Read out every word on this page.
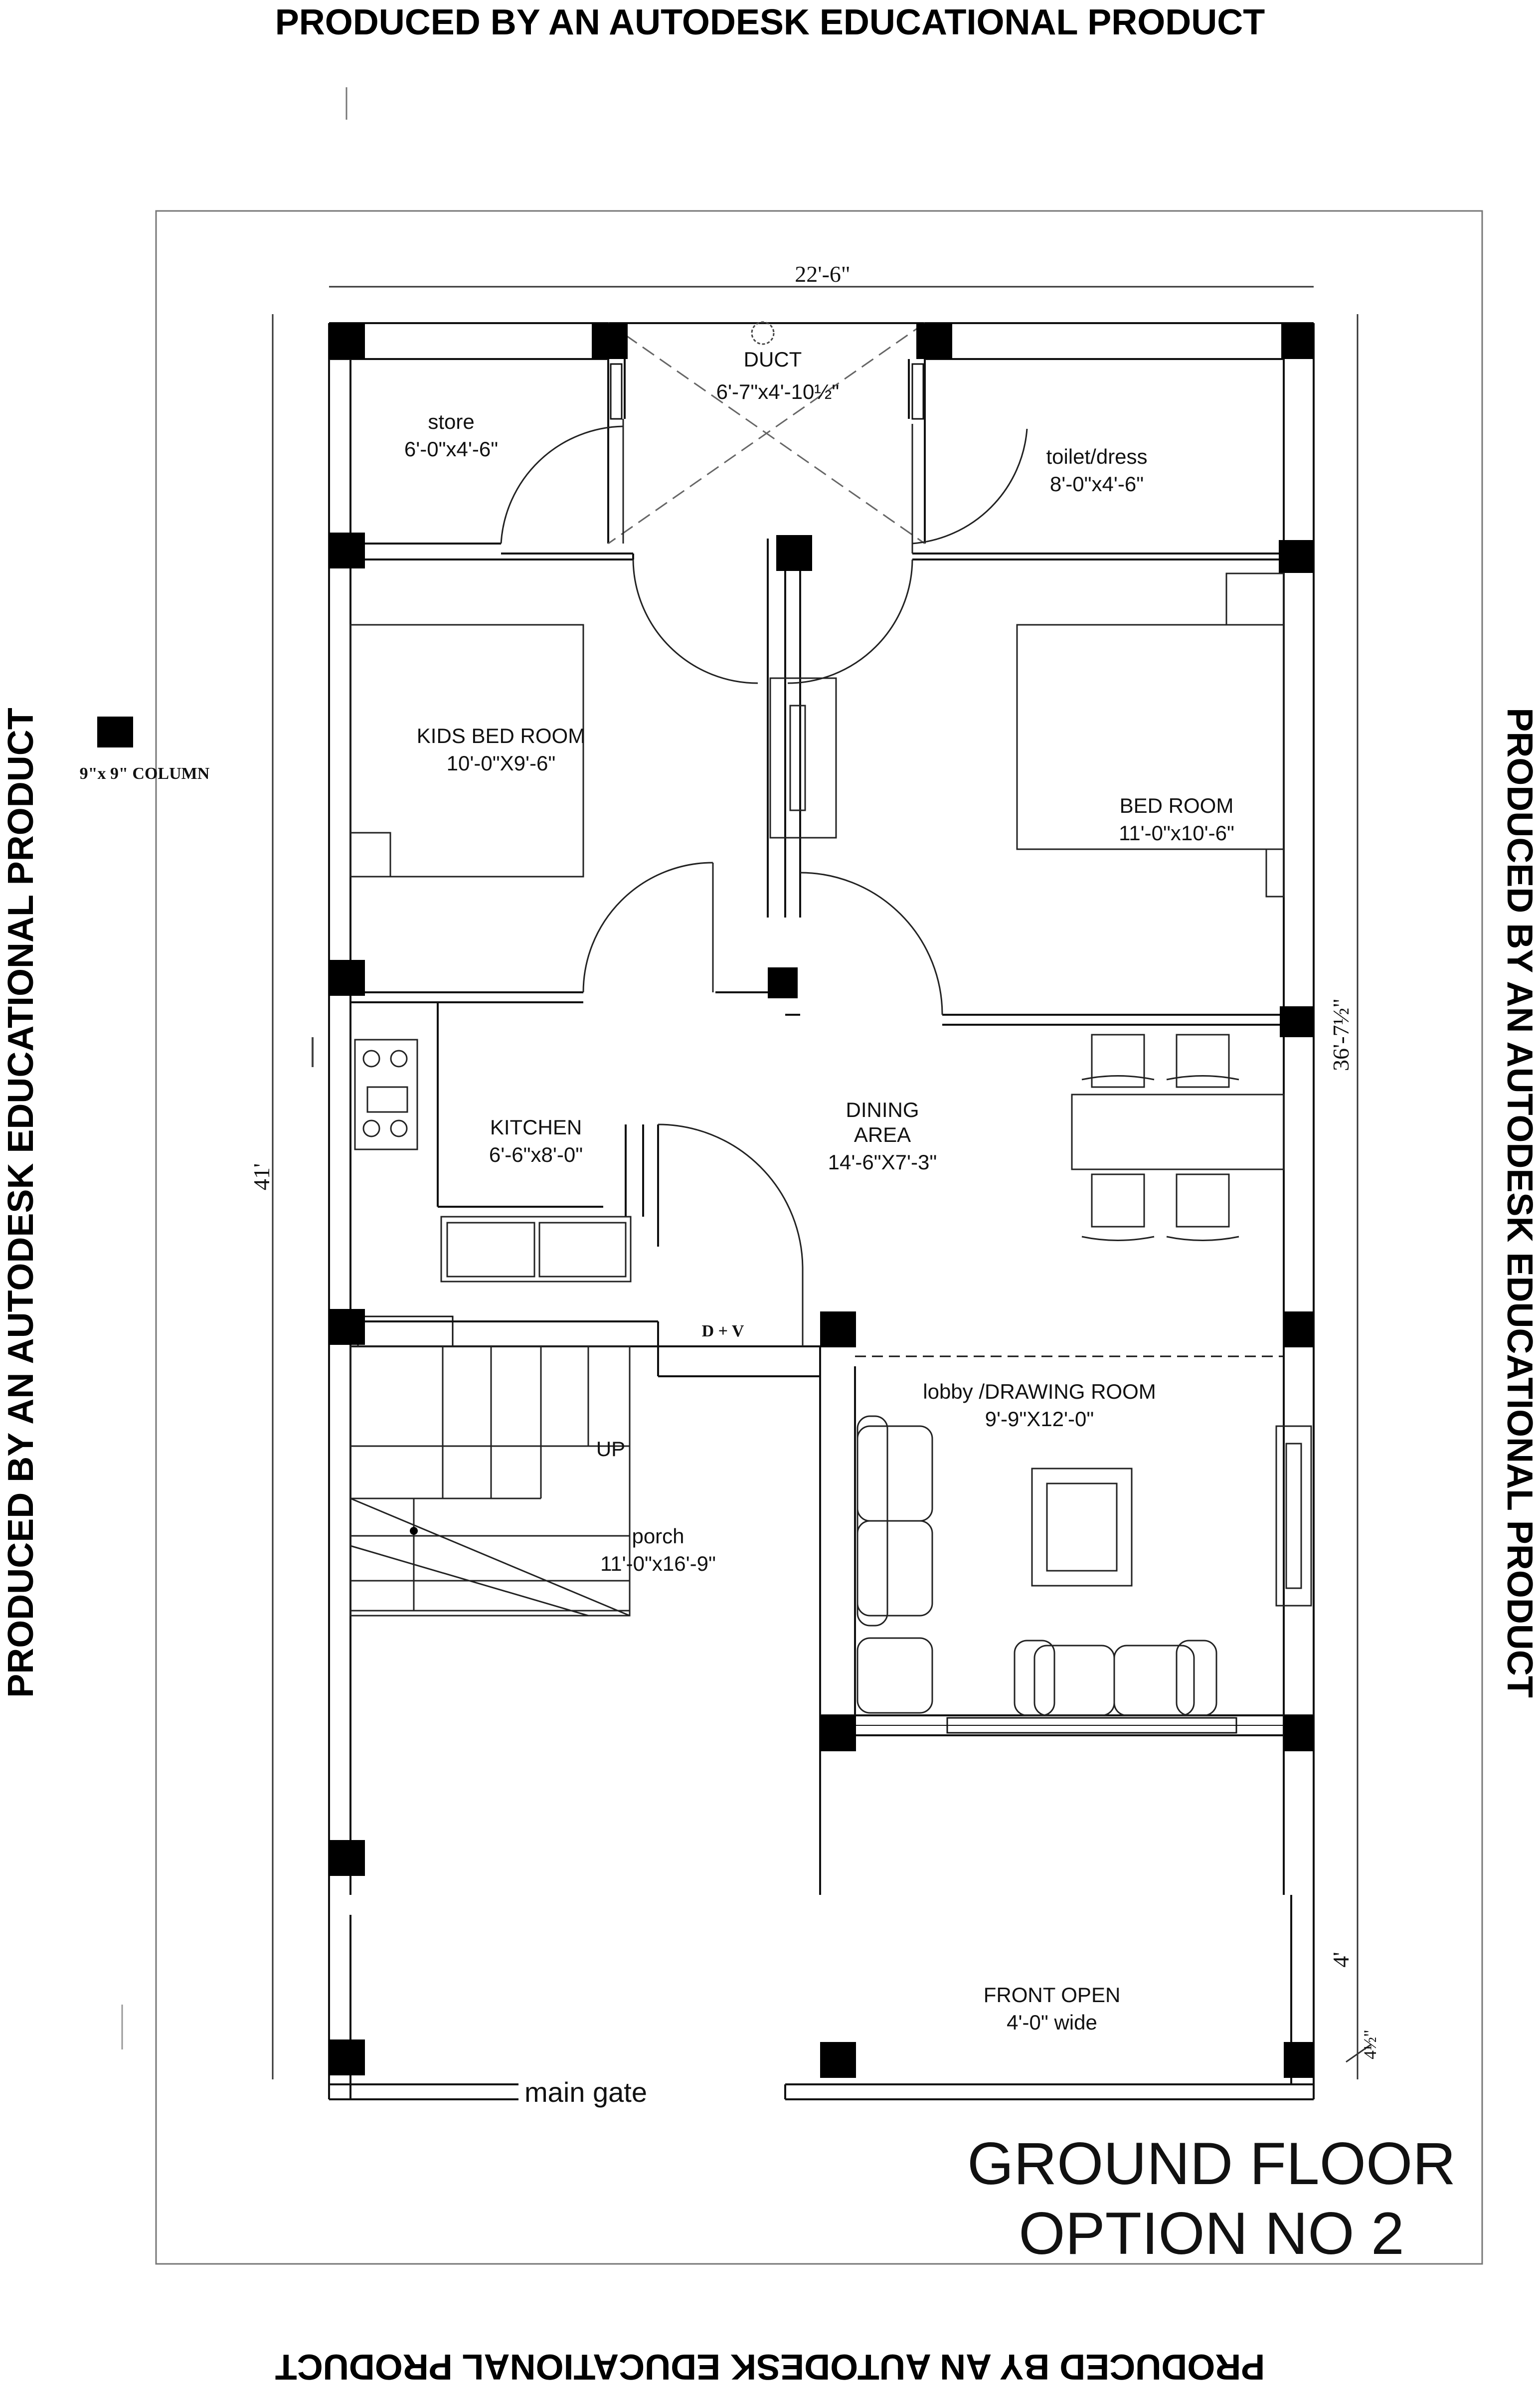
PRODUCED BY AN AUTODESK EDUCATIONAL PRODUCT
PRODUCED BY AN AUTODESK EDUCATIONAL PRODUCT
PRODUCED BY AN AUTODESK EDUCATIONAL PRODUCT	PRODUCED BY AN AUTODESK EDUCATIONAL PRODUCT
9"x 9" COLUMN
22'-6"
41'
36'-7½"
4'
4½"
DUCT
6'-7"x4'-10½"
store
6'-0"x4'-6"	toilet/dress
8'-0"x4'-6"
KIDS BED ROOM
10'-0"X9'-6"
BED ROOM
11'-0"x10'-6"
KITCHEN
6'-6"x8'-0"
DINING
AREA
14'-6"X7'-3"
D + V
UP
lobby /DRAWING ROOM
9'-9"X12'-0"
porch
11'-0"x16'-9"
FRONT OPEN
4'-0" wide
main gate
GROUND FLOOR
OPTION NO 2
